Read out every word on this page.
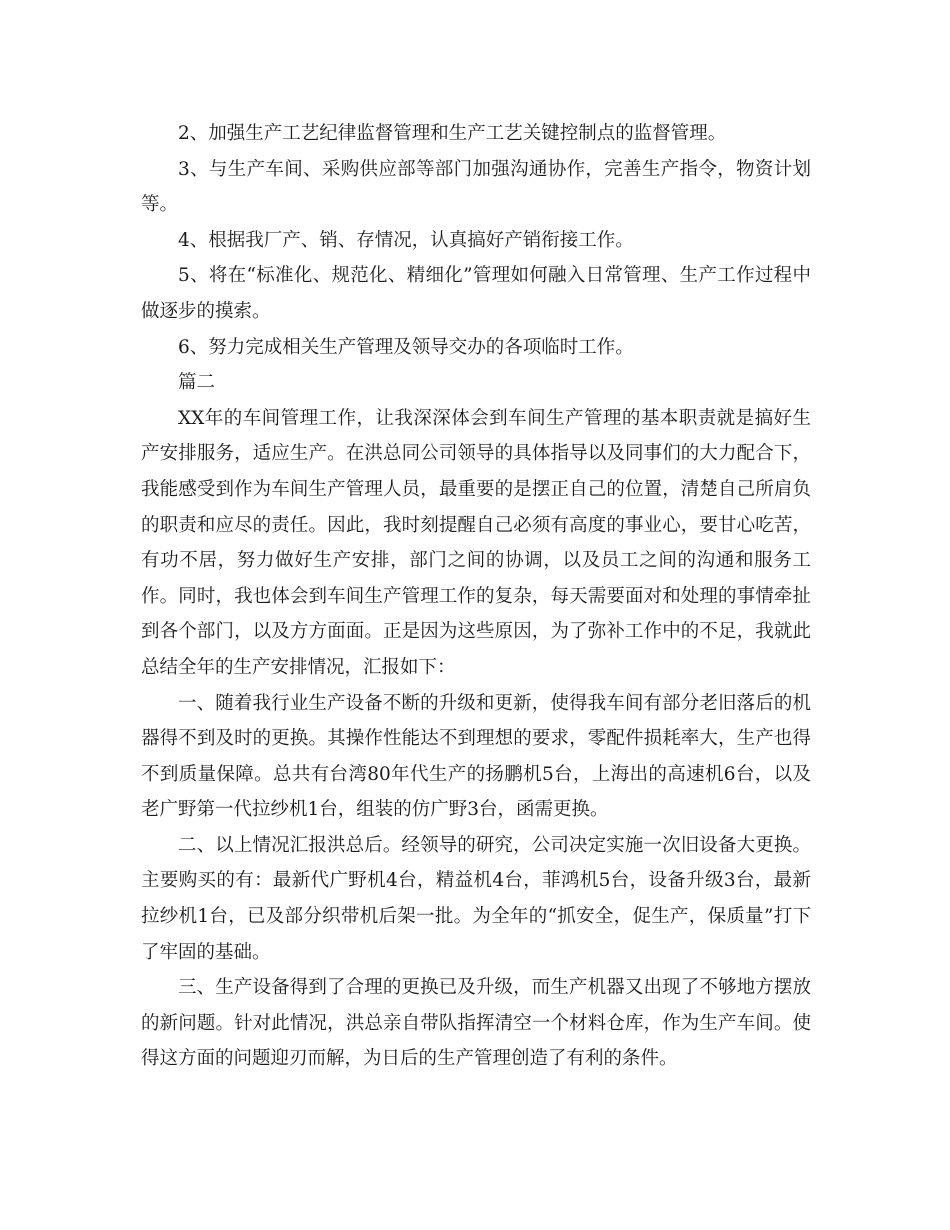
2、加强生产工艺纪律监督管理和生产工艺关键控制点的监督管理。

3、与生产车间、采购供应部等部门加强沟通协作，完善生产指令，物资计划等。

4、根据我厂产、销、存情况，认真搞好产销衔接工作。

5、将在“标准化、规范化、精细化”管理如何融入日常管理、生产工作过程中做逐步的摸索。

6、努力完成相关生产管理及领导交办的各项临时工作。

篇二

XX年的车间管理工作，让我深深体会到车间生产管理的基本职责就是搞好生产安排服务，适应生产。在洪总同公司领导的具体指导以及同事们的大力配合下，我能感受到作为车间生产管理人员，最重要的是摆正自己的位置，清楚自己所肩负的职责和应尽的责任。因此，我时刻提醒自己必须有高度的事业心，要甘心吃苦，有功不居，努力做好生产安排，部门之间的协调，以及员工之间的沟通和服务工作。同时，我也体会到车间生产管理工作的复杂，每天需要面对和处理的事情牵扯到各个部门，以及方方面面。正是因为这些原因，为了弥补工作中的不足，我就此总结全年的生产安排情况，汇报如下：

一、随着我行业生产设备不断的升级和更新，使得我车间有部分老旧落后的机器得不到及时的更换。其操作性能达不到理想的要求，零配件损耗率大，生产也得不到质量保障。总共有台湾80年代生产的扬鹏机5台，上海出的高速机6台，以及老广野第一代拉纱机1台，组装的仿广野3台，函需更换。

二、以上情况汇报洪总后。经领导的研究，公司决定实施一次旧设备大更换。主要购买的有：最新代广野机4台，精益机4台，菲鸿机5台，设备升级3台，最新拉纱机1台，已及部分织带机后架一批。为全年的“抓安全，促生产，保质量”打下了牢固的基础。

三、生产设备得到了合理的更换已及升级，而生产机器又出现了不够地方摆放的新问题。针对此情况，洪总亲自带队指挥清空一个材料仓库，作为生产车间。使得这方面的问题迎刃而解，为日后的生产管理创造了有利的条件。
